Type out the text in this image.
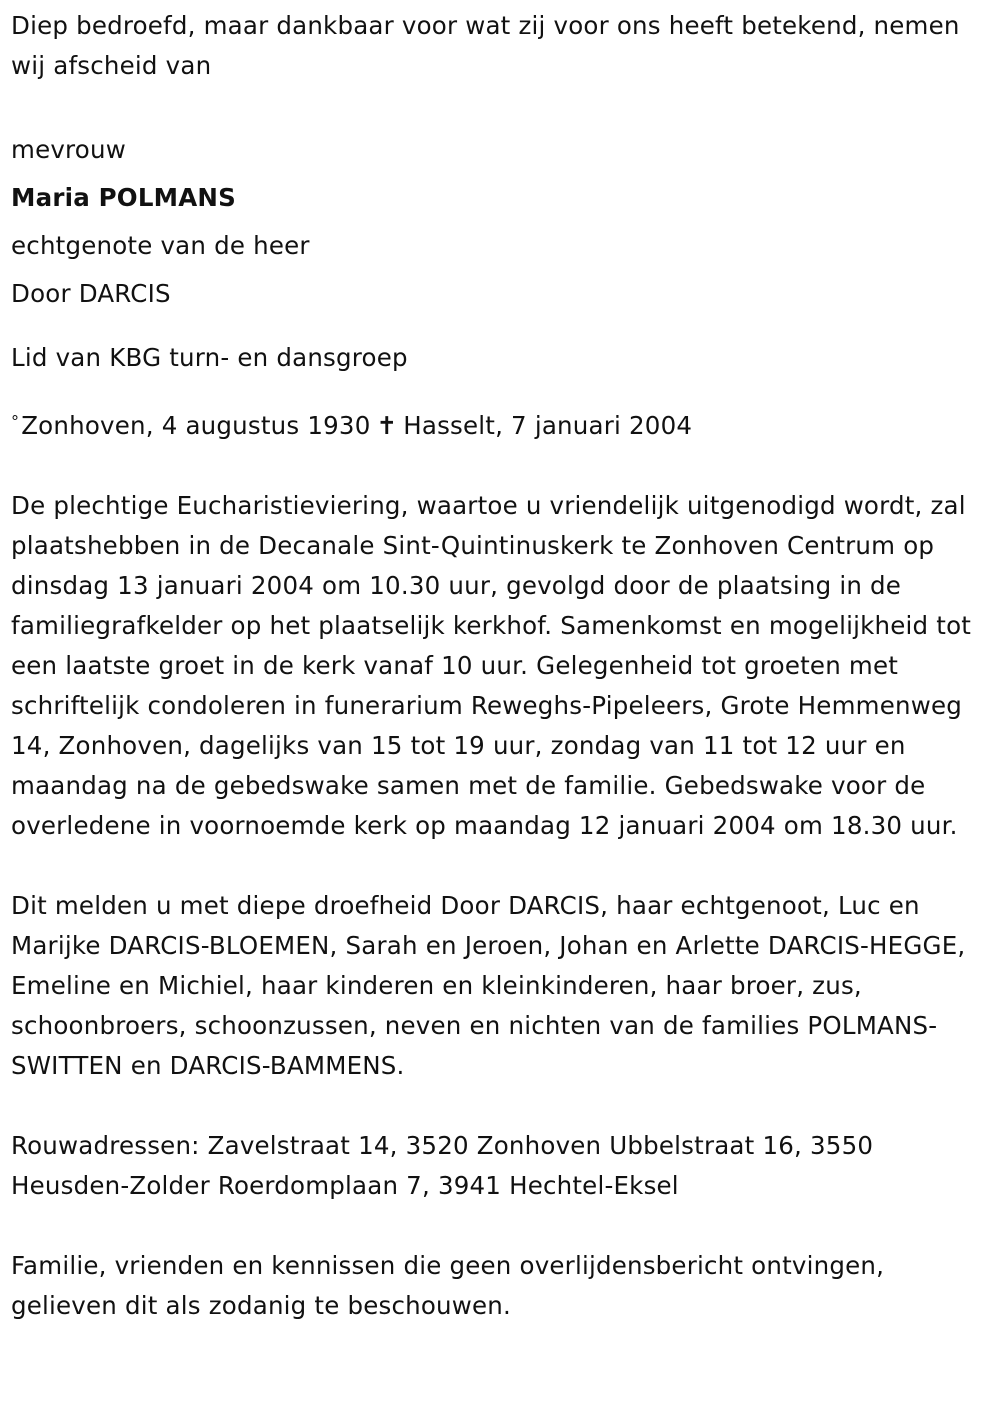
Diep bedroefd, maar dankbaar voor wat zij voor ons heeft betekend, nemen wij afscheid van

mevrouw

Maria POLMANS

echtgenote van de heer

Door DARCIS

Lid van KBG turn- en dansgroep

°Zonhoven, 4 augustus 1930 ✝ Hasselt, 7 januari 2004

De plechtige Eucharistieviering, waartoe u vriendelijk uitgenodigd wordt, zal plaatshebben in de Decanale Sint-Quintinuskerk te Zonhoven Centrum op dinsdag 13 januari 2004 om 10.30 uur, gevolgd door de plaatsing in de familiegrafkelder op het plaatselijk kerkhof. Samenkomst en mogelijkheid tot een laatste groet in de kerk vanaf 10 uur. Gelegenheid tot groeten met schriftelijk condoleren in funerarium Reweghs-Pipeleers, Grote Hemmenweg 14, Zonhoven, dagelijks van 15 tot 19 uur, zondag van 11 tot 12 uur en maandag na de gebedswake samen met de familie. Gebedswake voor de overledene in voornoemde kerk op maandag 12 januari 2004 om 18.30 uur.

Dit melden u met diepe droefheid Door DARCIS, haar echtgenoot, Luc en Marijke DARCIS-BLOEMEN, Sarah en Jeroen, Johan en Arlette DARCIS-HEGGE, Emeline en Michiel, haar kinderen en kleinkinderen, haar broer, zus, schoonbroers, schoonzussen, neven en nichten van de families POLMANS-SWITTEN en DARCIS-BAMMENS.

Rouwadressen: Zavelstraat 14, 3520 Zonhoven Ubbelstraat 16, 3550 Heusden-Zolder Roerdomplaan 7, 3941 Hechtel-Eksel

Familie, vrienden en kennissen die geen overlijdensbericht ontvingen, gelieven dit als zodanig te beschouwen.
